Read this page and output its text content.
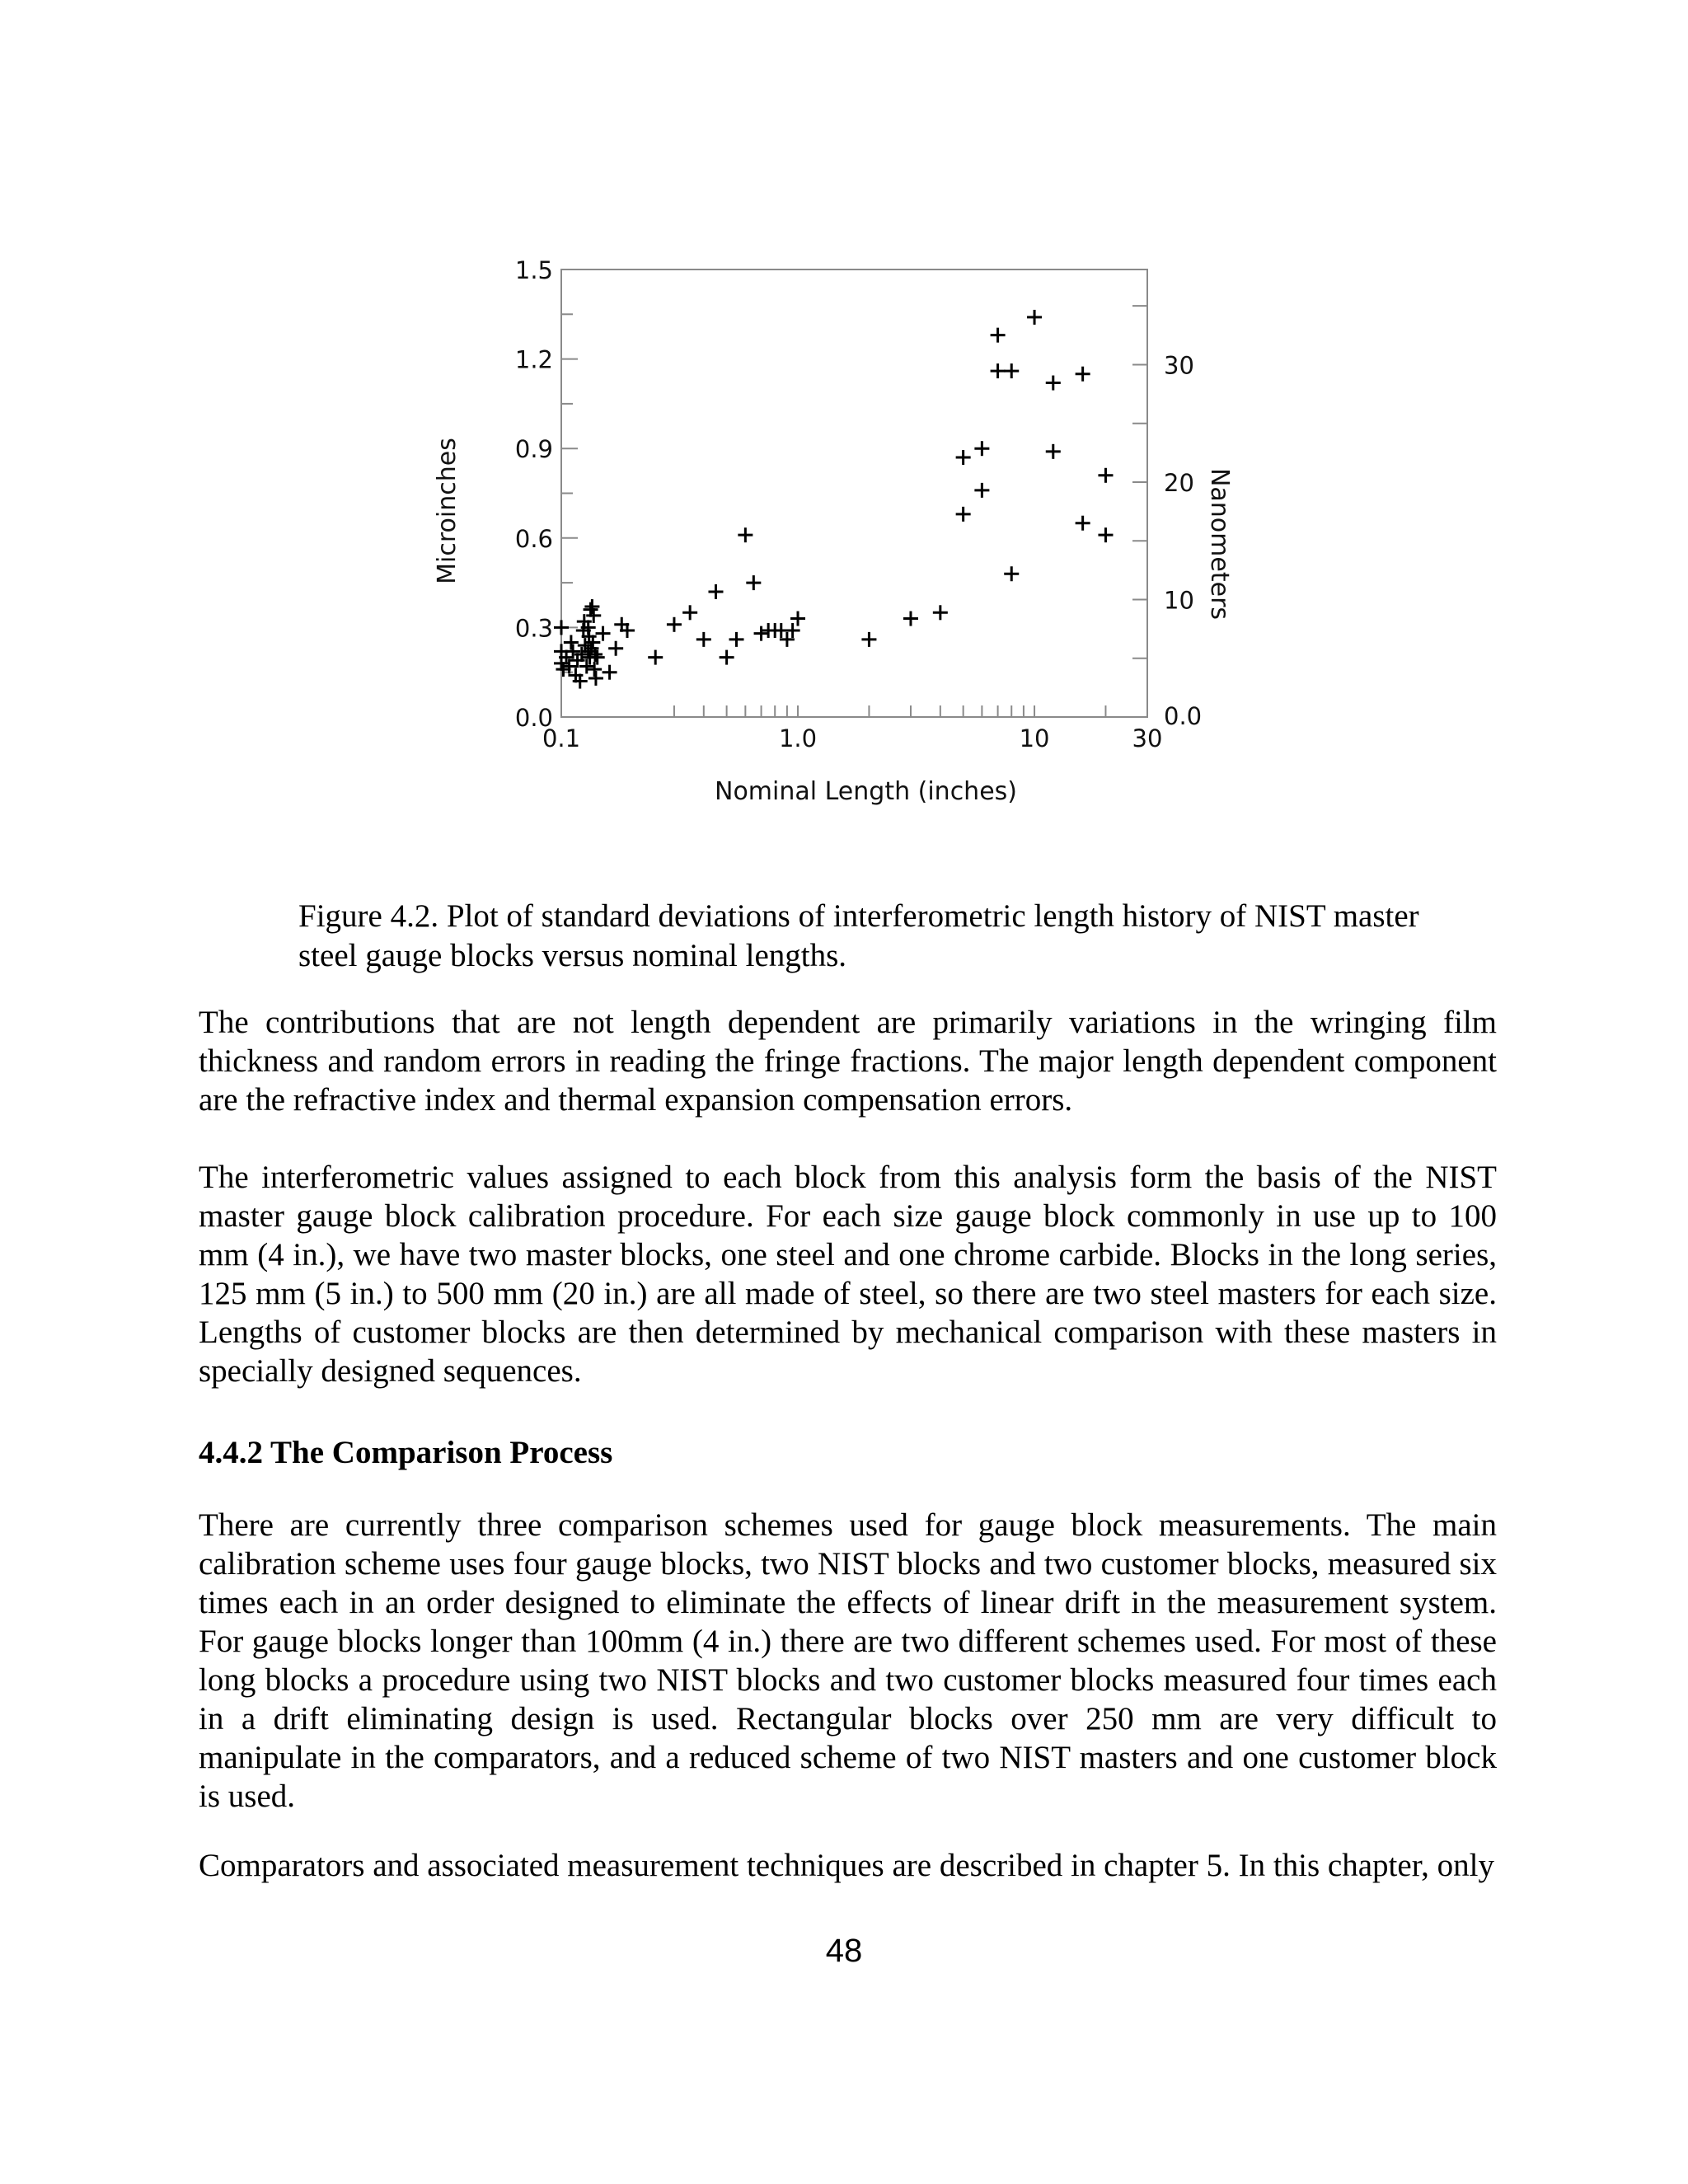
0.0
0.3
0.6
0.9
1.2
1.5
0.0
10
20
30
0.1	1.0	10	30
Nominal Length (inches)
Microinches	Nanometers
Figure 4.2. Plot of standard deviations of interferometric length history of NIST master steel gauge blocks versus nominal lengths.

The contributions that are not length dependent are primarily variations in the wringing film thickness and random errors in reading the fringe fractions. The major length dependent component are the refractive index and thermal expansion compensation errors.

The interferometric values assigned to each block from this analysis form the basis of the NIST master gauge block calibration procedure. For each size gauge block commonly in use up to 100 mm (4 in.), we have two master blocks, one steel and one chrome carbide. Blocks in the long series, 125 mm (5 in.) to 500 mm (20 in.) are all made of steel, so there are two steel masters for each size. Lengths of customer blocks are then determined by mechanical comparison with these masters in specially designed sequences.

4.4.2 The Comparison Process

There are currently three comparison schemes used for gauge block measurements. The main calibration scheme uses four gauge blocks, two NIST blocks and two customer blocks, measured six times each in an order designed to eliminate the effects of linear drift in the measurement system. For gauge blocks longer than 100mm (4 in.) there are two different schemes used. For most of these long blocks a procedure using two NIST blocks and two customer blocks measured four times each in a drift eliminating design is used. Rectangular blocks over 250 mm are very difficult to manipulate in the comparators, and a reduced scheme of two NIST masters and one customer block is used.

Comparators and associated measurement techniques are described in chapter 5. In this chapter, only

48
